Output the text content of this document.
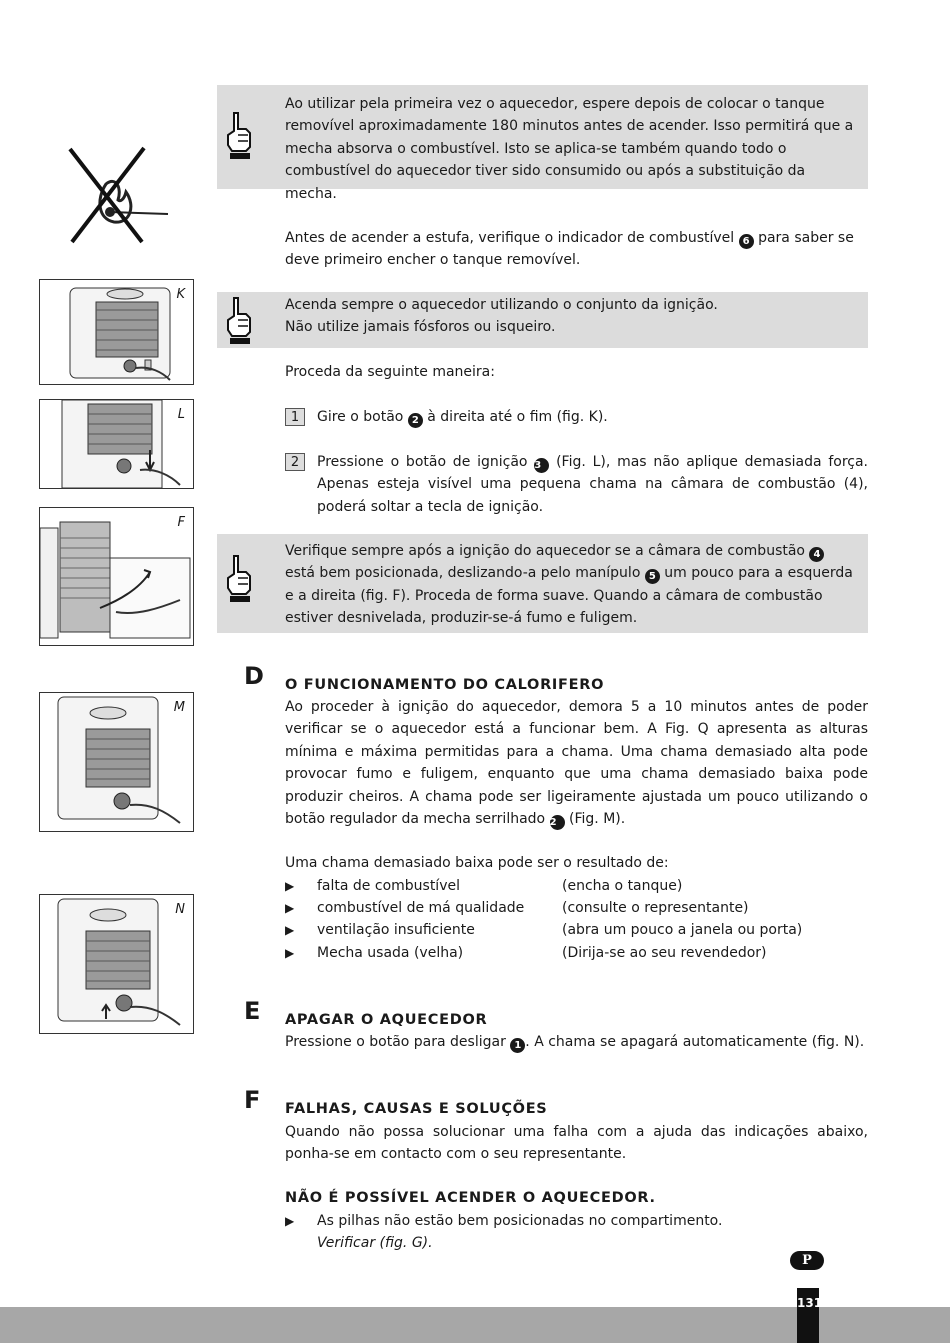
Ao utilizar pela primeira vez o aquecedor, espere depois de colocar o tanque removível aproximadamente 180 minutos antes de acender. Isso permitirá que a mecha absorva o combustível. Isto se aplica-se também quando todo o combustível do aquecedor tiver sido consumido ou após a substituição da mecha.
Antes de acender a estufa, verifique o indicador de combustível 6 para saber se deve primeiro encher o tanque removível.
Acenda sempre o aquecedor utilizando o conjunto da ignição.
Não utilize jamais fósforos ou isqueiro.
Proceda da seguinte maneira:
1	Gire o botão 2 à direita até o fim (fig. K).
2	Pressione o botão de ignição 3 (Fig. L), mas não aplique demasiada força. Apenas esteja visível uma pequena chama na câmara de combustão (4), poderá soltar a tecla de ignição.
Verifique sempre após a ignição do aquecedor se a câmara de combustão 4 está bem posicionada, deslizando-a pelo manípulo 5 um pouco para a esquerda e a direita (fig. F). Proceda de forma suave. Quando a câmara de combustão estiver desnivelada, produzir-se-á fumo e fuligem.
D O FUNCIONAMENTO DO CALORIFERO
Ao proceder à ignição do aquecedor, demora 5 a 10 minutos antes de poder verificar se o aquecedor está a funcionar bem. A Fig. Q apresenta as alturas mínima e máxima permitidas para a chama. Uma chama demasiado alta pode provocar fumo e fuligem, enquanto que uma chama demasiado baixa pode produzir cheiros. A chama pode ser ligeiramente ajustada um pouco utilizando o botão regulador da mecha serrilhado 2 (Fig. M).
Uma chama demasiado baixa pode ser o resultado de:
▶ falta de combustível	(encha o tanque)
▶ combustível de má qualidade	(consulte o representante)
▶ ventilação insuficiente	(abra um pouco a janela ou porta)
▶ Mecha usada (velha)	(Dirija-se ao seu revendedor)
E APAGAR O AQUECEDOR
Pressione o botão para desligar 1 . A chama se apagará automaticamente (fig. N).
F FALHAS, CAUSAS E SOLUÇÕES
Quando não possa solucionar uma falha com a ajuda das indicações abaixo, ponha-se em contacto com o seu representante.
NÃO É POSSÍVEL ACENDER O AQUECEDOR.
▶ As pilhas não estão bem posicionadas no compartimento.
Verificar (fig. G).
K
L
F
M
N
P
131
